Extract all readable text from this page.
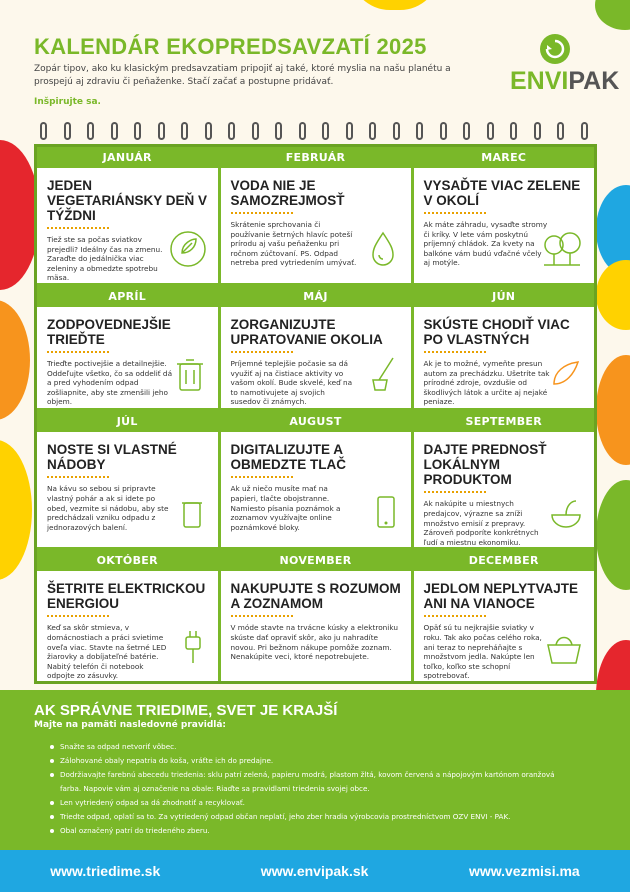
KALENDÁR EKOPREDSAVZATÍ 2025
Zopár tipov, ako ku klasickým predsavzatiam pripojiť aj také, ktoré myslia na našu planétu a prospejú aj zdraviu či peňaženke. Stačí začať a postupne pridávať.
Inšpirujte sa.
ENVIPAK
JANUÁR
JEDEN VEGETARIÁNSKY DEŇ V TÝŽDNI

Tiež ste sa počas sviatkov prejedli? Ideálny čas na zmenu. Zaraďte do jedálnička viac zeleniny a obmedzte spotrebu mäsa.

FEBRUÁR
VODA NIE JE SAMOZREJMOSŤ

Skrátenie sprchovania či používanie šetrných hlavíc poteší prírodu aj vašu peňaženku pri ročnom zúčtovaní. PS. Odpad netreba pred vytriedením umývať.

MAREC
VYSAĎTE VIAC ZELENE V OKOLÍ

Ak máte záhradu, vysaďte stromy či kríky. V lete vám poskytnú príjemný chládok. Za kvety na balkóne vám budú vďačné včely aj motýle.

APRÍL
ZODPOVEDNEJŠIE TRIEĎTE

Trieďte poctivejšie a detailnejšie. Oddeľujte všetko, čo sa oddeliť dá a pred vyhodením odpad zošliapnite, aby ste zmenšili jeho objem.

MÁJ
ZORGANIZUJTE UPRATOVANIE OKOLIA

Príjemné teplejšie počasie sa dá využiť aj na čistiace aktivity vo vašom okolí. Bude skvelé, keď na to namotivujete aj svojich susedov či známych.

JÚN
SKÚSTE CHODIŤ VIAC PO VLASTNÝCH

Ak je to možné, vymeňte presun autom za prechádzku. Ušetríte tak prírodné zdroje, ovzdušie od škodlivých látok a určite aj nejaké peniaze.

JÚL
NOSTE SI VLASTNÉ NÁDOBY

Na kávu so sebou si pripravte vlastný pohár a ak si idete po obed, vezmite si nádobu, aby ste predchádzali vzniku odpadu z jednorazových balení.

AUGUST
DIGITALIZUJTE A OBMEDZTE TLAČ

Ak už niečo musíte mať na papieri, tlačte obojstranne. Namiesto písania poznámok a zoznamov využívajte online poznámkové bloky.

SEPTEMBER
DAJTE PREDNOSŤ LOKÁLNYM PRODUKTOM

Ak nakúpite u miestnych predajcov, výrazne sa zníži množstvo emisií z prepravy. Zároveň podporíte konkrétnych ľudí a miestnu ekonomiku.

OKTÓBER
ŠETRITE ELEKTRICKOU ENERGIOU

Keď sa skôr stmieva, v domácnostiach a práci svietime oveľa viac. Stavte na šetrné LED žiarovky a dobíjateľné batérie. Nabitý telefón či notebook odpojte zo zásuvky.

NOVEMBER
NAKUPUJTE S ROZUMOM A ZOZNAMOM

V móde stavte na trvácne kúsky a elektroniku skúste dať opraviť skôr, ako ju nahradíte novou. Pri bežnom nákupe pomôže zoznam. Nenakúpite veci, ktoré nepotrebujete.

DECEMBER
JEDLOM NEPLYTVAJTE ANI NA VIANOCE

Opäť sú tu nejkrajšie sviatky v roku. Tak ako počas celého roka, ani teraz to nepreháňajte s množstvom jedla. Nakúpte len toľko, koľko ste schopní spotrebovať.

AK SPRÁVNE TRIEDIME, SVET JE KRAJŠÍ
Majte na pamäti nasledovné pravidlá:
Snažte sa odpad netvoriť vôbec.
Zálohované obaly nepatria do koša, vráťte ich do predajne.
Dodržiavajte farebnú abecedu triedenia: sklu patrí zelená, papieru modrá, plastom žltá, kovom červená a nápojovým kartónom oranžová farba. Napovie vám aj označenie na obale: Riaďte sa pravidlami triedenia svojej obce.
Len vytriedený odpad sa dá zhodnotiť a recyklovať.
Triedte odpad, oplatí sa to. Za vytriedený odpad občan neplatí, jeho zber hradia výrobcovia prostredníctvom OZV ENVI - PAK.
Obal označený patrí do triedeného zberu.
www.triedime.sk	www.envipak.sk	www.vezmisi.ma
